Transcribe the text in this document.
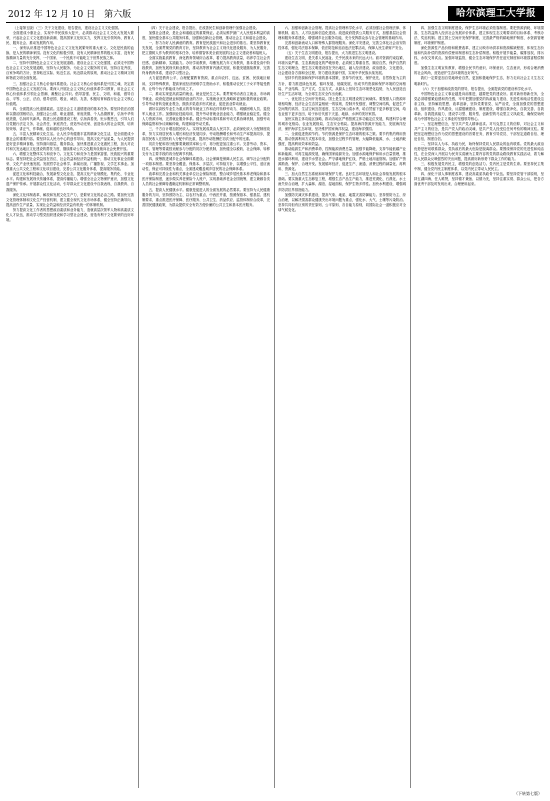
2012 年 12 月 10 日　第六版	哈尔滨理工大学报

（上接第五版）（三）关于文化建设，报告提出，建设社会主义文化强国。

全面建成小康社会，实现中华民族伟大复兴，必须推动社会主义文化大发展大繁荣，兴起社会主义文化建设新高潮，提高国家文化软实力，发挥文化引领风尚、教育人民、服务社会、推动发展的作用。

一、深刻认识推进中国特色社会主义文化发展繁荣的重大意义。文化是民族的血脉，是人民的精神家园。没有文化的积极引领，没有人民精神世界的极大丰富，没有民族精神力量的充分发挥，一个国家、一个民族不可能屹立于世界民族之林。

二、坚持中国特色社会主义文化发展道路。建设社会主义文化强国，必须走中国特色社会主义文化发展道路，坚持为人民服务、为社会主义服务的方向，坚持百花齐放、百家争鸣的方针，坚持贴近实际、贴近生活、贴近群众的原则，推动社会主义精神文明和物质文明全面发展。

三、加强社会主义核心价值体系建设。社会主义核心价值体系是兴国之魂，决定着中国特色社会主义发展方向。要深入开展社会主义核心价值体系学习教育，用社会主义核心价值体系引领社会思潮、凝聚社会共识。倡导富强、民主、文明、和谐，倡导自由、平等、公正、法治，倡导爱国、敬业、诚信、友善，积极培育和践行社会主义核心价值观。

四、全面提高公民道德素质。这是社会主义道德建设的基本任务。要坚持依法治国和以德治国相结合，加强社会公德、职业道德、家庭美德、个人品德教育，弘扬中华传统美德，弘扬时代新风。推进公民道德建设工程，弘扬真善美、贬斥假恶丑，引导人们自觉履行法定义务、社会责任、家庭责任，营造劳动光荣、创造伟大的社会氛围，培育知荣辱、讲正气、作奉献、促和谐的良好风尚。

五、丰富人民精神文化生活。让人民享有健康丰富的精神文化生活，是全面建成小康社会的重要内容。要坚持以人民为中心的创作导向，提高文化产品质量，为人民提供更好更多精神食粮。坚持面向基层、服务群众，加快推进重点文化惠民工程，加大对农村和欠发达地区文化建设的帮扶力度，继续推动公共文化服务设施向社会免费开放。

六、增强文化整体实力和竞争力。文化实力和竞争力是国家富强、民族振兴的重要标志。要坚持把社会效益放在首位、社会效益和经济效益相统一，推动文化事业全面繁荣、文化产业快速发展。发展哲学社会科学、新闻出版、广播影视、文学艺术事业。加强重大公共文化工程和文化项目建设，完善公共文化服务体系，提高服务效能。

促进文化和科技融合，发展新型文化业态，提高文化产业规模化、集约化、专业化水平。构建和发展现代传播体系，提高传播能力。增强全社会文物保护意识，加强文化遗产保护传承。开展群众性文化活动，引导群众在文化建设中自我表现、自我教育、自我服务。

深化文化体制改革，解放和发展文化生产力，是繁荣文化的必由之路。要加快完善文化管理体制和文化生产经营机制，建立健全现代文化市场体系，健全坚持正确导向、提高创作生产质量、实现社会效益和经济效益有机统一的体制机制。

努力提高文化工作者的思想政治素质和业务能力，造就高层次领军人物和高素质文化人才队伍，推动学习型党组织建设和学习型社会建设，营造有利于文化繁荣的良好环境。

（四）关于社会建设，报告提出，在改善民生和创新管理中加强社会建设。

加强社会建设，是社会和谐稳定的重要保证。必须从维护最广大人民根本利益的高度，加快健全基本公共服务体系，加强和创新社会管理，推动社会主义和谐社会建设。

一、努力办好人民满意的教育。教育是民族振兴和社会进步的基石。要坚持教育优先发展，全面贯彻党的教育方针，坚持教育为社会主义现代化建设服务、为人民服务，把立德树人作为教育的根本任务，培养德智体美全面发展的社会主义建设者和接班人。

全面实施素质教育，深化教育领域综合改革，着力提高教育质量，培养学生社会责任感、创新精神、实践能力。办好学前教育，均衡发展九年义务教育，基本普及高中阶段教育，加快发展现代职业教育，推动高等教育内涵式发展，积极发展继续教育，完善终身教育体系，建设学习型社会。

大力促进教育公平，合理配置教育资源，重点向农村、边远、贫困、民族地区倾斜，支持特殊教育，提高家庭经济困难学生资助水平，积极推动农民工子女平等接受教育，让每个孩子都能成为有用之才。

二、推动实现更高质量的就业。就业是民生之本。要贯彻劳动者自主就业、市场调节就业、政府促进就业和鼓励创业的方针，实施就业优先战略和更加积极的就业政策。引导劳动者转变就业观念，鼓励多渠道多形式就业，促进创业带动就业。

做好以高校毕业生为重点的青年就业工作和农村转移劳动力、城镇困难人员、退役军人就业工作。加强职业技能培训，提升劳动者就业创业能力，增强就业稳定性。健全人力资源市场，完善就业服务体系。健全劳动标准体系和劳动关系协调机制，加强劳动保障监察和争议调解仲裁，构建和谐劳动关系。

三、千方百计增加居民收入。实现发展成果由人民共享，必须深化收入分配制度改革，努力实现居民收入增长和经济发展同步、劳动报酬增长和劳动生产率提高同步，提高居民收入在国民收入分配中的比重，提高劳动报酬在初次分配中的比重。

初次分配和再分配都要兼顾效率和公平，再分配更加注重公平。完善劳动、资本、技术、管理等要素按贡献参与分配的初次分配机制，加快健全以税收、社会保障、转移支付为主要手段的再分配调节机制。

四、统筹推进城乡社会保障体系建设。社会保障是保障人民生活、调节社会分配的一项基本制度。要坚持全覆盖、保基本、多层次、可持续方针，以增强公平性、适应流动性、保证可持续性为重点，全面建成覆盖城乡居民的社会保障体系。

改革和完善企业和机关事业单位社会保险制度，整合城乡居民基本养老保险和基本医疗保险制度，逐步做实养老保险个人账户，实现基础养老金全国统筹，建立兼顾各类人员的社会保障待遇确定机制和正常调整机制。

五、提高人民健康水平。健康是促进人的全面发展的必然要求。要坚持为人民健康服务的方向，坚持预防为主、以农村为重点、中西医并重，按照保基本、强基层、建机制要求，重点推进医疗保障、医疗服务、公共卫生、药品供应、监管体制综合改革，完善国民健康政策，为群众提供安全有效方便价廉的公共卫生和基本医疗服务。

六、加强和创新社会管理。提高社会管理科学化水平，必须加强社会管理法律、体制机制、能力、人才队伍和信息化建设。改进政府提供公共服务方式，加强基层社会管理和服务体系建设，增强城乡社区服务功能，充分发挥群众参与社会管理的基础作用。

完善和创新流动人口和特殊人群管理服务。深化平安建设，完善立体化社会治安防控体系，强化司法基本保障，依法防范和惩治违法犯罪活动，保障人民生命财产安全。

（五）关于生态文明建设，报告提出，大力推进生态文明建设。

建设生态文明，是关系人民福祉、关乎民族未来的长远大计。面对资源约束趋紧、环境污染严重、生态系统退化的严峻形势，必须树立尊重自然、顺应自然、保护自然的生态文明理念，把生态文明建设放在突出地位，融入经济建设、政治建设、文化建设、社会建设各方面和全过程，努力建设美丽中国，实现中华民族永续发展。

坚持节约资源和保护环境的基本国策，坚持节约优先、保护优先、自然恢复为主的方针，着力推进绿色发展、循环发展、低碳发展，形成节约资源和保护环境的空间格局、产业结构、生产方式、生活方式，从源头上扭转生态环境恶化趋势，为人民创造良好生产生活环境，为全球生态安全作出贡献。

一、优化国土空间开发格局。国土是生态文明建设的空间载体。要按照人口资源环境相均衡、经济社会生态效益相统一的原则，控制开发强度，调整空间结构，促进生产空间集约高效、生活空间宜居适度、生态空间山清水秀，给自然留下更多修复空间，给农业留下更多良田，给子孙后代留下天蓝、地绿、水净的美好家园。

加快实施主体功能区战略，推动各地区严格按照主体功能定位发展，构建科学合理的城市化格局、农业发展格局、生态安全格局。提高海洋资源开发能力，发展海洋经济，保护海洋生态环境，坚决维护国家海洋权益，建设海洋强国。

二、全面促进资源节约。节约资源是保护生态环境的根本之策。要节约集约利用资源，推动资源利用方式根本转变，加强全过程节约管理，大幅降低能源、水、土地消耗强度，提高利用效率和效益。

推动能源生产和消费革命，控制能源消费总量，加强节能降耗，支持节能低碳产业和新能源、可再生能源发展，确保国家能源安全。加强水源地保护和用水总量管理，推进水循环利用，建设节水型社会。严守耕地保护红线，严格土地用途管制。加强矿产资源勘查、保护、合理开发。发展循环经济，促进生产、流通、消费过程的减量化、再利用、资源化。

三、加大自然生态系统和环境保护力度。良好生态环境是人和社会持续发展的根本基础。要实施重大生态修复工程，增强生态产品生产能力，推进荒漠化、石漠化、水土流失综合治理，扩大森林、湖泊、湿地面积，保护生物多样性。加快水利建设，增强城乡防洪抗旱排涝能力。

加强防灾减灾体系建设，提高气象、地质、地震灾害防御能力。坚持预防为主、综合治理，以解决损害群众健康突出环境问题为重点，强化水、大气、土壤等污染防治。坚持共同但有区别的责任原则、公平原则、各自能力原则，同国际社会一道积极应对全球气候变化。

四、加强生态文明制度建设。保护生态环境必须依靠制度。要把资源消耗、环境损害、生态效益纳入经济社会发展评价体系，建立体现生态文明要求的目标体系、考核办法、奖惩机制。建立国土空间开发保护制度，完善最严格的耕地保护制度、水资源管理制度、环境保护制度。

深化资源性产品价格和税费改革，建立反映市场供求和资源稀缺程度、体现生态价值和代际补偿的资源有偿使用制度和生态补偿制度。积极开展节能量、碳排放权、排污权、水权交易试点。加强环境监管，健全生态环境保护责任追究制度和环境损害赔偿制度。

加强生态文明宣传教育，增强全民节约意识、环保意识、生态意识，形成合理消费的社会风尚，营造爱护生态环境的良好风气。

我们一定要更加自觉地珍爱自然，更加积极地保护生态，努力走向社会主义生态文明新时代。

（六）关于加强和改善党的领导，报告提出，全面提高党的建设科学化水平。

中国特色社会主义事业越是向前推进，越要把党的建设好。面对新形势新任务，全党必须增强紧迫感和责任感，牢牢把握加强党的执政能力建设、先进性和纯洁性建设这条主线，坚持解放思想、改革创新，坚持党要管党、从严治党，全面加强党的思想建设、组织建设、作风建设、反腐倡廉建设、制度建设，增强自我净化、自我完善、自我革新、自我提高能力，建设学习型、服务型、创新型的马克思主义执政党，确保党始终成为中国特色社会主义事业的坚强领导核心。

一、坚定理想信念，坚守共产党人精神追求。对马克思主义的信仰，对社会主义和共产主义的信念，是共产党人的政治灵魂，是共产党人经受住任何考验的精神支柱。要把坚定理想信念作为党的思想建设的首要任务，教育引导党员、干部坚定道路自信、理论自信、制度自信。

二、坚持以人为本、执政为民，始终保持党同人民群众的血肉联系。党的最大政治优势是密切联系群众，党执政后的最大危险是脱离群众。要围绕保持党的先进性和纯洁性，在全党深入开展以为民务实清廉为主要内容的党的群众路线教育实践活动，着力解决人民群众反映强烈的突出问题，提高做好新形势下群众工作的能力。

三、积极发展党内民主，增强党的创造活力。党内民主是党的生命。要坚持民主集中制，健全党内民主制度体系，以党内民主带动人民民主。

四、深化干部人事制度改革，建设高素质执政骨干队伍。要坚持党管干部原则，坚持五湖四海、任人唯贤，坚持德才兼备、以德为先，坚持注重实绩、群众公认，把各方面优秀干部及时发现出来、合理使用起来。

（下转第七版）
